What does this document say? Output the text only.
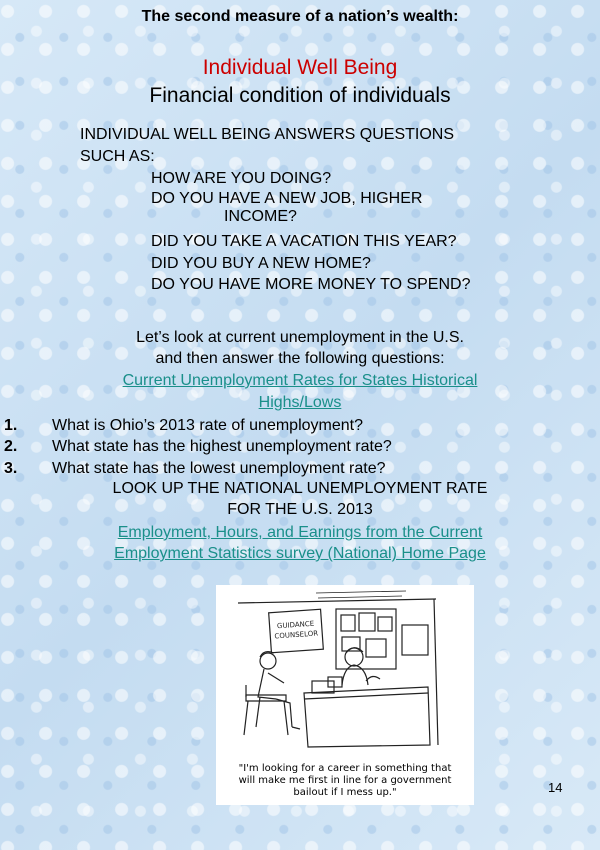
The second measure of a nation’s wealth:
Individual Well Being
Financial condition of individuals
INDIVIDUAL WELL BEING ANSWERS QUESTIONS
SUCH AS:
HOW ARE YOU DOING?
DO YOU HAVE A NEW JOB, HIGHER
INCOME?
DID YOU TAKE A VACATION THIS YEAR?
DID YOU BUY A NEW HOME?
DO YOU HAVE MORE MONEY TO SPEND?
Let’s look at current unemployment in the U.S.
and then answer the following questions:
Current Unemployment Rates for States Historical
Highs/Lows
1. What is Ohio’s 2013 rate of unemployment?
2. What state has the highest unemployment rate?
3. What state has the lowest unemployment rate?
LOOK UP THE NATIONAL UNEMPLOYMENT RATE
FOR THE U.S. 2013
Employment, Hours, and Earnings from the Current
Employment Statistics survey (National) Home Page
GUIDANCE
COUNSELOR
"I'm looking for a career in something that
will make me first in line for a government
bailout if I mess up."	14
